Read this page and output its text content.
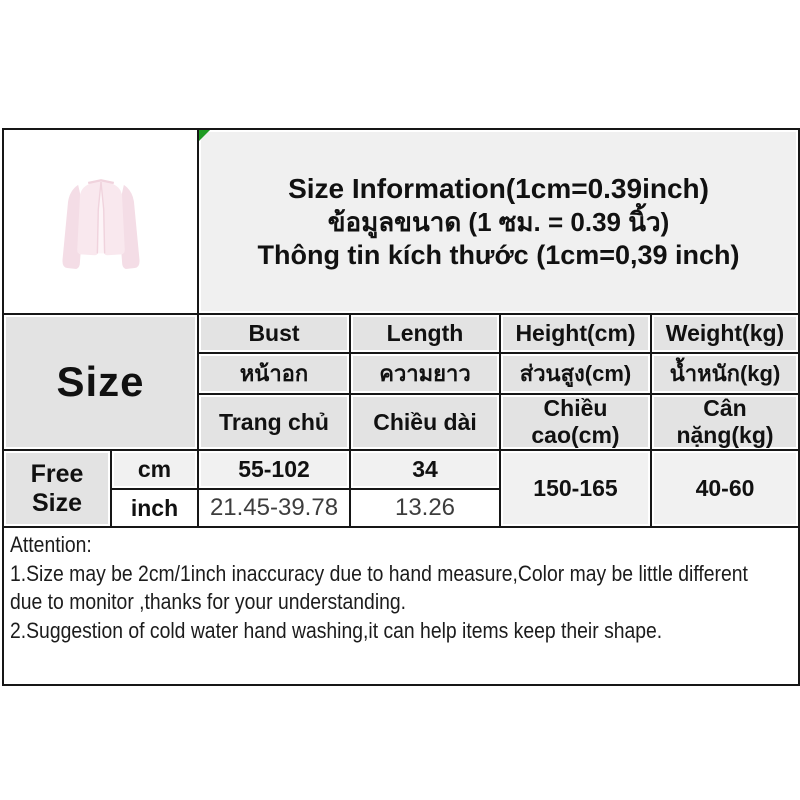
Size Information(1cm=0.39inch)
ข้อมูลขนาด (1 ซม. = 0.39 นิ้ว)
Thông tin kích thước (1cm=0,39 inch)			

Size		Bust	Length	Height(cm)	Weight(kg)
		หน้าอก	ความยาว	ส่วนสูง(cm)	น้ำหนัก(kg)
		Trang chủ	Chiều dài	Chiều cao(cm)	Cân nặng(kg)
Free Size	cm	55-102	34	150-165	40-60
	inch	21.45-39.78	13.26		

Attention:
1.Size may be 2cm/1inch inaccuracy due to hand measure,Color may be little different
due to monitor ,thanks for your understanding.
2.Suggestion of cold water hand washing,it can help items keep their shape.					
